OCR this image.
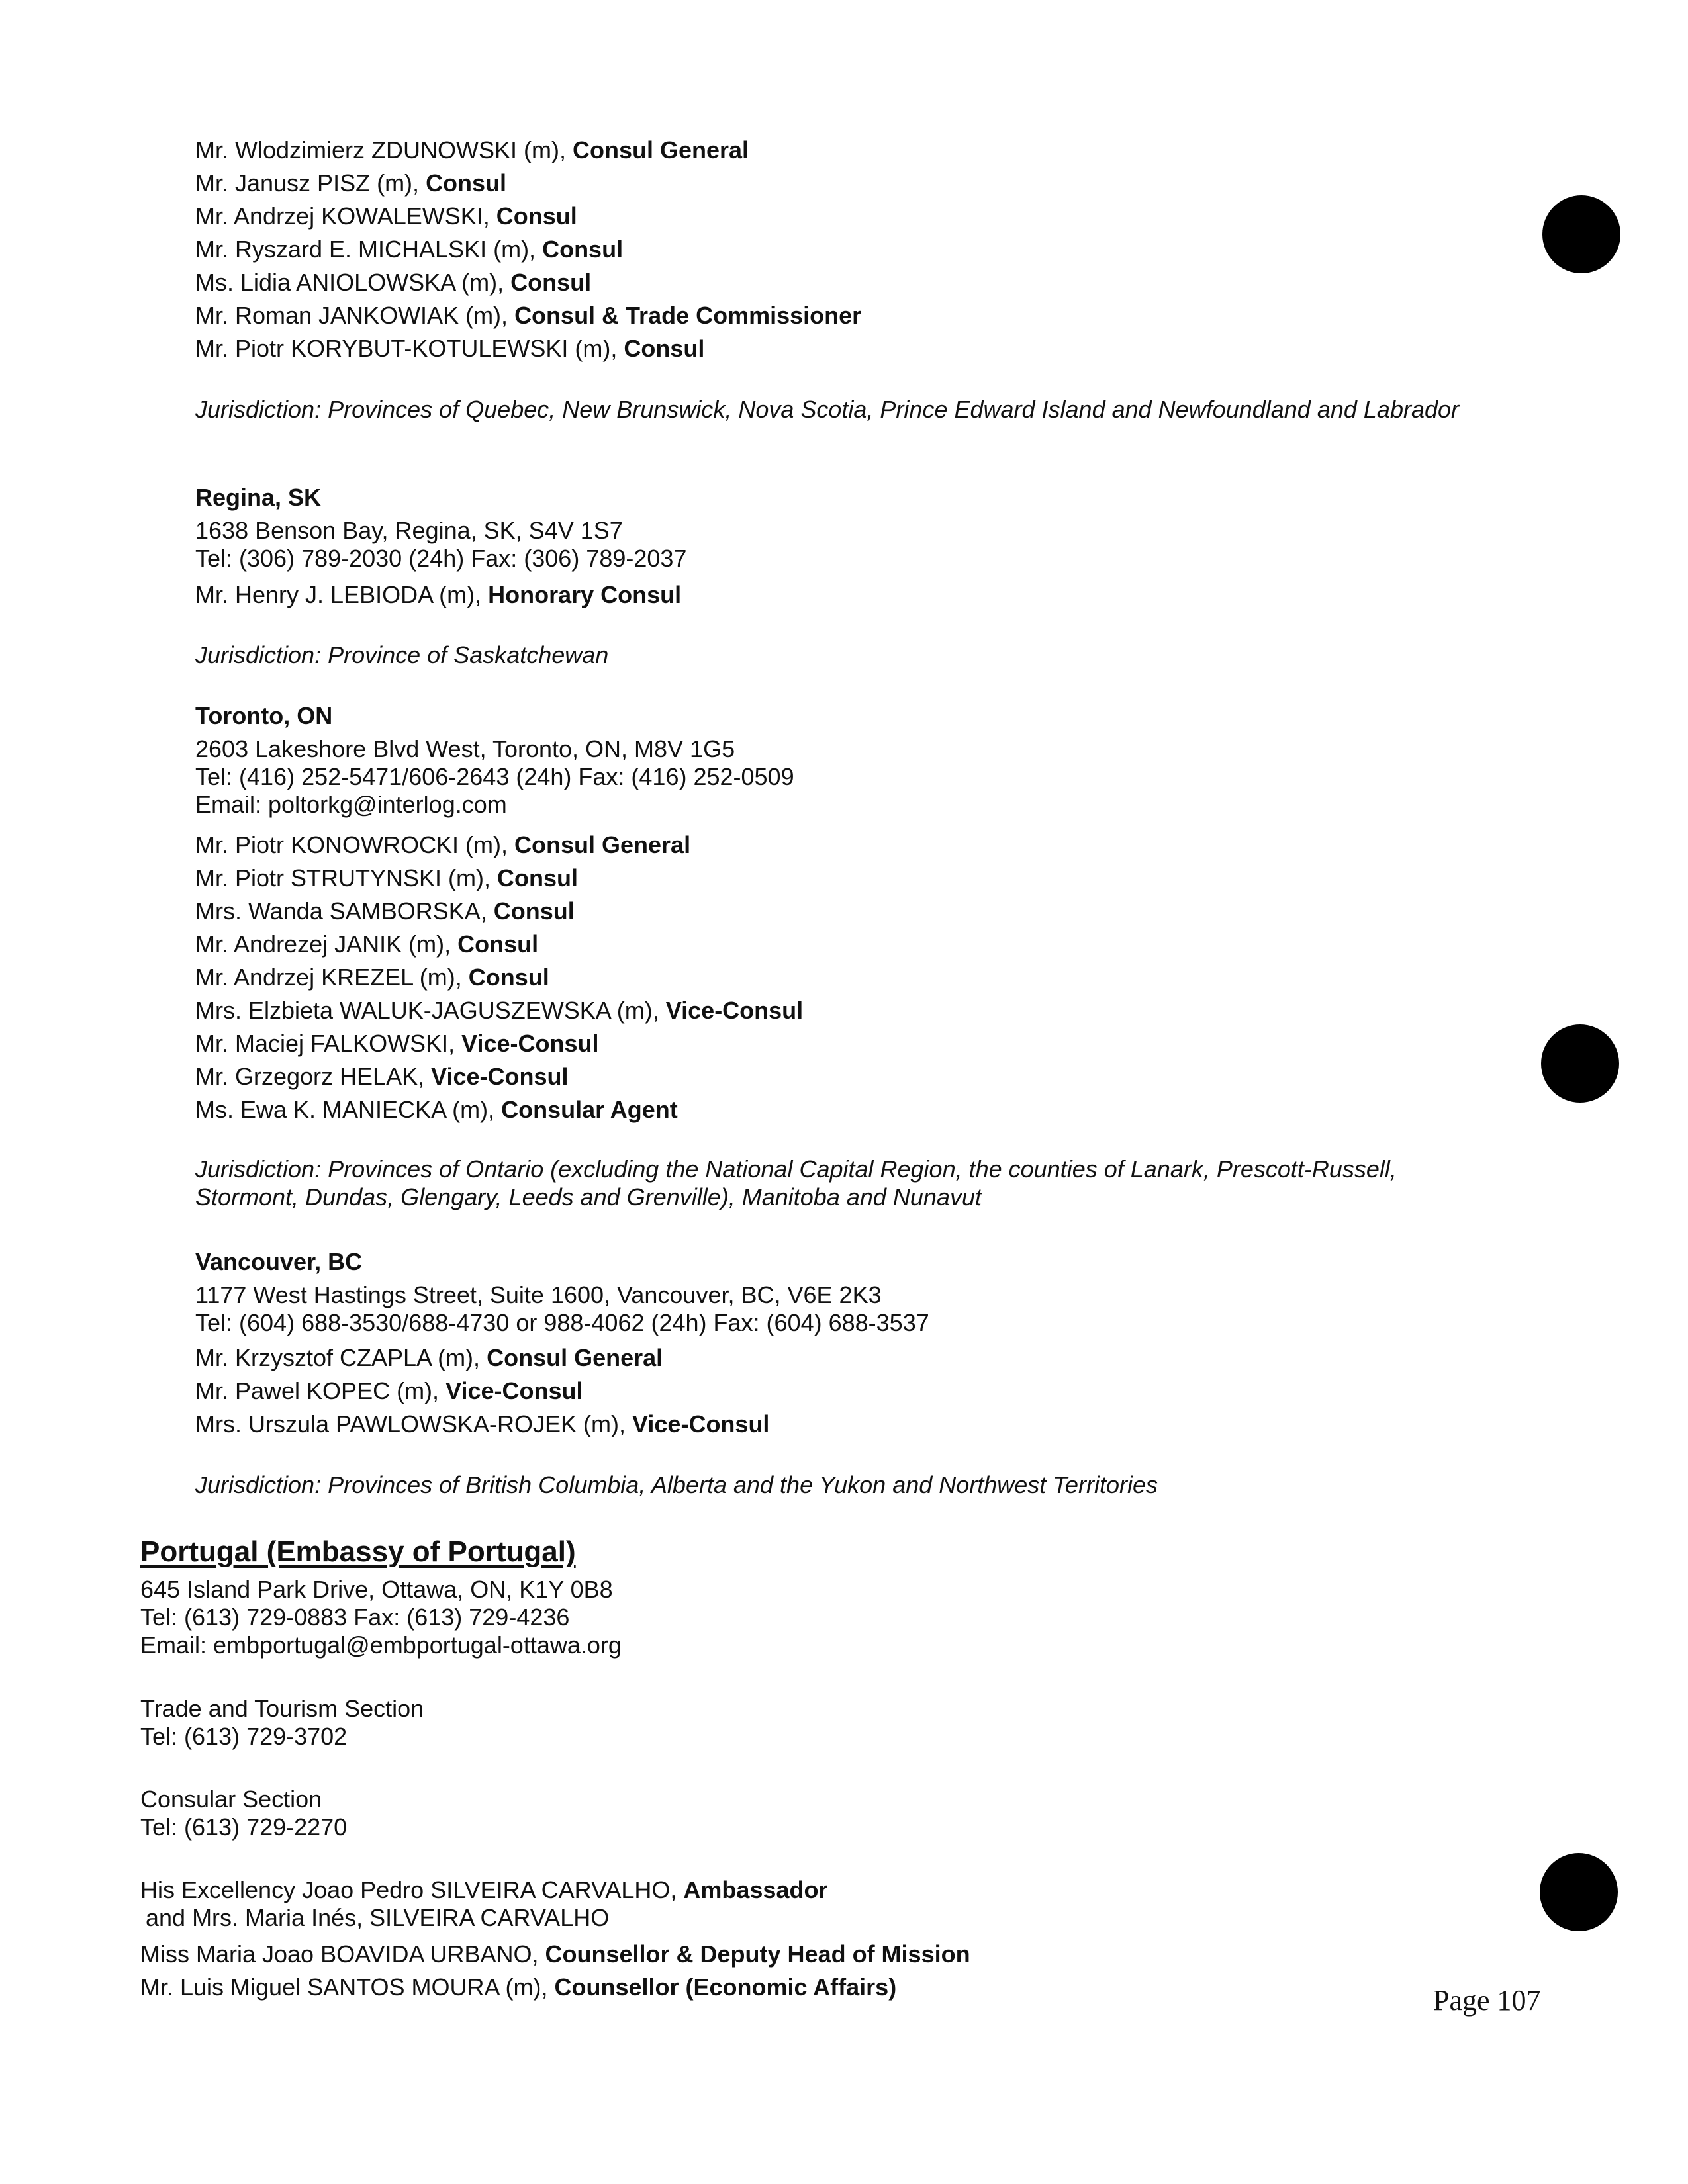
Mr. Wlodzimierz ZDUNOWSKI (m), Consul General

Mr. Janusz PISZ (m), Consul

Mr. Andrzej KOWALEWSKI, Consul

Mr. Ryszard E. MICHALSKI (m), Consul

Ms. Lidia ANIOLOWSKA (m), Consul

Mr. Roman JANKOWIAK (m), Consul & Trade Commissioner

Mr. Piotr KORYBUT-KOTULEWSKI (m), Consul

Jurisdiction: Provinces of Quebec, New Brunswick, Nova Scotia, Prince Edward Island and Newfoundland and Labrador

Regina, SK

1638 Benson Bay, Regina, SK, S4V 1S7

Tel: (306) 789-2030 (24h) Fax: (306) 789-2037

Mr. Henry J. LEBIODA (m), Honorary Consul

Jurisdiction: Province of Saskatchewan

Toronto, ON

2603 Lakeshore Blvd West, Toronto, ON, M8V 1G5

Tel: (416) 252-5471/606-2643 (24h) Fax: (416) 252-0509

Email: poltorkg@interlog.com

Mr. Piotr KONOWROCKI (m), Consul General

Mr. Piotr STRUTYNSKI (m), Consul

Mrs. Wanda SAMBORSKA, Consul

Mr. Andrezej JANIK (m), Consul

Mr. Andrzej KREZEL (m), Consul

Mrs. Elzbieta WALUK-JAGUSZEWSKA (m), Vice-Consul

Mr. Maciej FALKOWSKI, Vice-Consul

Mr. Grzegorz HELAK, Vice-Consul

Ms. Ewa K. MANIECKA (m), Consular Agent

Jurisdiction: Provinces of Ontario (excluding the National Capital Region, the counties of Lanark, Prescott-Russell,

Stormont, Dundas, Glengary, Leeds and Grenville), Manitoba and Nunavut

Vancouver, BC

1177 West Hastings Street, Suite 1600, Vancouver, BC, V6E 2K3

Tel: (604) 688-3530/688-4730 or 988-4062 (24h) Fax: (604) 688-3537

Mr. Krzysztof CZAPLA (m), Consul General

Mr. Pawel KOPEC (m), Vice-Consul

Mrs. Urszula PAWLOWSKA-ROJEK (m), Vice-Consul

Jurisdiction: Provinces of British Columbia, Alberta and the Yukon and Northwest Territories

Portugal (Embassy of Portugal)

645 Island Park Drive, Ottawa, ON, K1Y 0B8

Tel: (613) 729-0883 Fax: (613) 729-4236

Email: embportugal@embportugal-ottawa.org

Trade and Tourism Section

Tel: (613) 729-3702

Consular Section

Tel: (613) 729-2270

His Excellency Joao Pedro SILVEIRA CARVALHO, Ambassador

and Mrs. Maria Inés, SILVEIRA CARVALHO

Miss Maria Joao BOAVIDA URBANO, Counsellor & Deputy Head of Mission

Mr. Luis Miguel SANTOS MOURA (m), Counsellor (Economic Affairs)	Page 107
